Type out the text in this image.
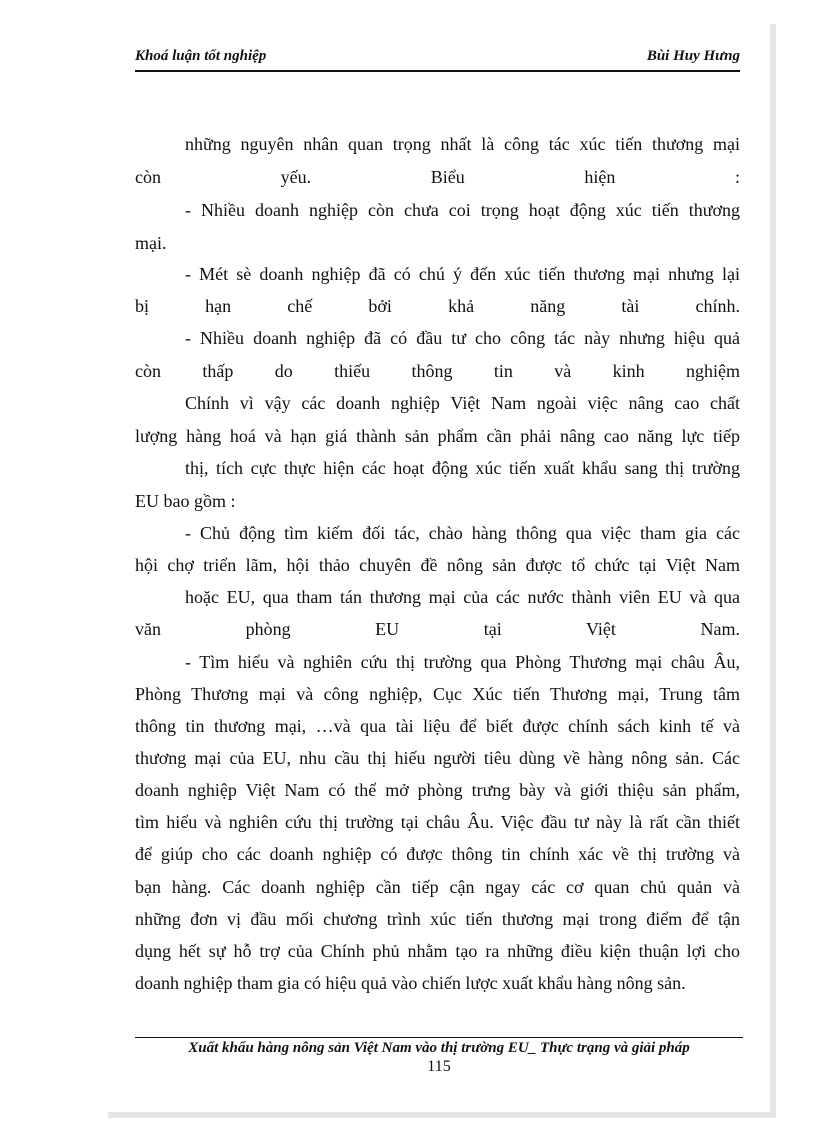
Khoá luận tốt nghiệp	Bùi Huy Hưng
những nguyên nhân quan trọng nhất là công tác xúc tiến thương mại
còn yếu. Biểu hiện :
- Nhiều doanh nghiệp còn chưa coi trọng hoạt động xúc tiến thương
mại.
- Mét sè doanh nghiệp đã có chú ý đến xúc tiến thương mại nhưng lại
bị hạn chế bởi khả năng tài chính.
- Nhiều doanh nghiệp đã có đầu tư cho công tác này nhưng hiệu quả
còn thấp do thiếu thông tin và kinh nghiệm
Chính vì vậy các doanh nghiệp Việt Nam ngoài việc nâng cao chất
lượng hàng hoá và hạn giá thành sản phẩm cần phải nâng cao năng lực tiếp
thị, tích cực thực hiện các hoạt động xúc tiến xuất khẩu sang thị trường
EU bao gồm :
- Chủ động tìm kiếm đối tác, chào hàng thông qua việc tham gia các
hội chợ triển lãm, hội thảo chuyên đề nông sản được tổ chức tại Việt Nam
hoặc EU, qua tham tán thương mại của các nước thành viên EU và qua
văn phòng EU tại Việt Nam.
- Tìm hiểu và nghiên cứu thị trường qua Phòng Thương mại châu Âu,
Phòng Thương mại và công nghiệp, Cục Xúc tiến Thương mại, Trung tâm
thông tin thương mại, …và qua tài liệu để biết được chính sách kinh tế và
thương mại của EU, nhu cầu thị hiếu người tiêu dùng về hàng nông sản. Các
doanh nghiệp Việt Nam có thể mở phòng trưng bày và giới thiệu sản phẩm,
tìm hiểu và nghiên cứu thị trường tại châu Âu. Việc đầu tư này là rất cần thiết
để giúp cho các doanh nghiệp có được thông tin chính xác về thị trường và
bạn hàng. Các doanh nghiệp cần tiếp cận ngay các cơ quan chủ quản và
những đơn vị đầu mối chương trình xúc tiến thương mại trong điểm để tận
dụng hết sự hỗ trợ của Chính phủ nhằm tạo ra những điều kiện thuận lợi cho
doanh nghiệp tham gia có hiệu quả vào chiến lược xuất khẩu hàng nông sản.
Xuất khẩu hàng nông sản Việt Nam vào thị trường EU_ Thực trạng và giải pháp
115
